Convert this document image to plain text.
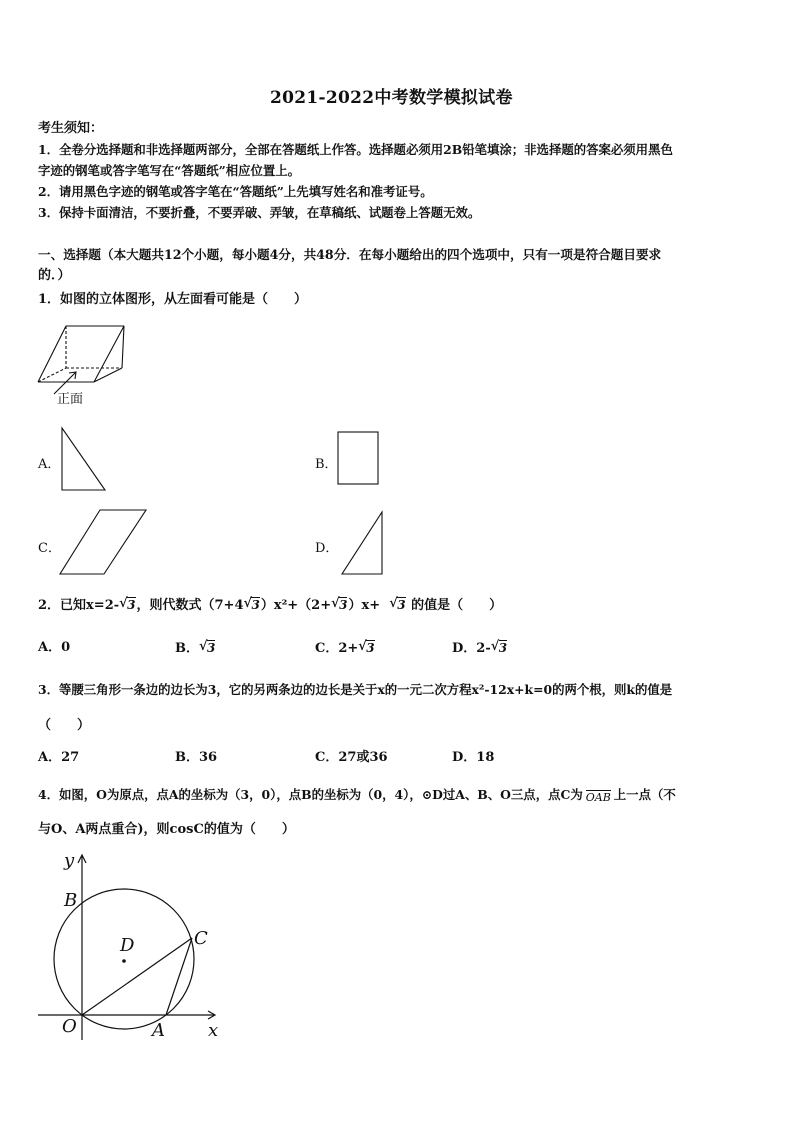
2021-2022中考数学模拟试卷
考生须知：
1．全卷分选择题和非选择题两部分，全部在答题纸上作答。选择题必须用2B铅笔填涂；非选择题的答案必须用黑色
字迹的钢笔或答字笔写在“答题纸”相应位置上。
2．请用黑色字迹的钢笔或答字笔在“答题纸”上先填写姓名和准考证号。
3．保持卡面清洁，不要折叠，不要弄破、弄皱，在草稿纸、试题卷上答题无效。
一、选择题（本大题共12个小题，每小题4分，共48分．在每小题给出的四个选项中，只有一项是符合题目要求
的．）
1．如图的立体图形，从左面看可能是（　　）
正面
A．	B．
C．	D．
2．已知x=2- √ 3，则代数式（7+4 √ 3）x²+（2+ √ 3）x+ √ 3 的值是（　　）
A．0	B． √ 3	C．2+ √ 3	D．2- √ 3
3．等腰三角形一条边的边长为3，它的另两条边的边长是关于x的一元二次方程x²-12x+k=0的两个根，则k的值是
（　　）
A．27	B．36	C．27或36	D．18
4．如图，O为原点，点A的坐标为（3，0），点B的坐标为（0，4），⊙D过A、B、O三点，点C为 OAB 上一点（不
与O、A两点重合)，则cosC的值为（　　）
y
B
D	C
O	A x
